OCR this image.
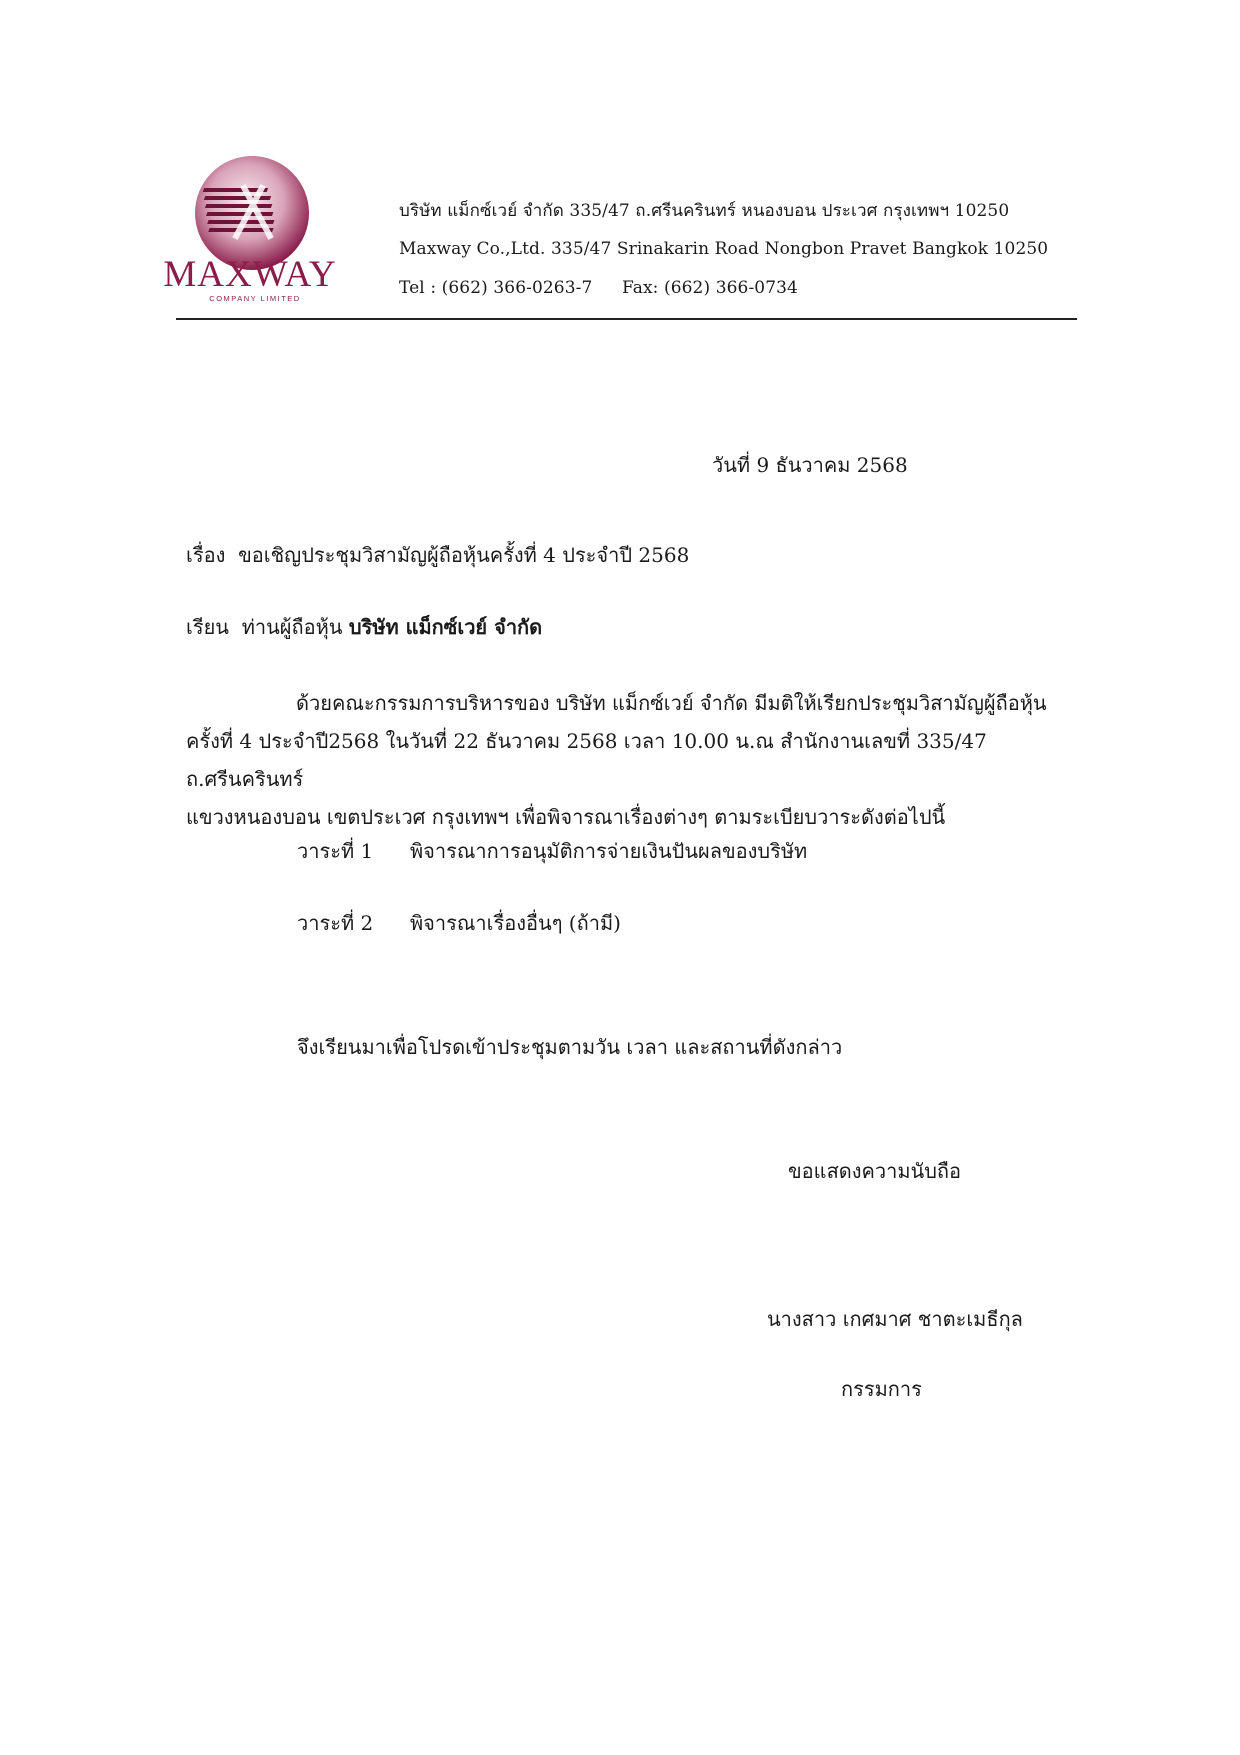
MAXWAY
COMPANY LIMITED
บริษัท แม็กซ์เวย์ จำกัด 335/47 ถ.ศรีนครินทร์ หนองบอน ประเวศ กรุงเทพฯ 10250
Maxway Co.,Ltd. 335/47 Srinakarin Road Nongbon Pravet Bangkok 10250
Tel : (662) 366-0263-7 Fax: (662) 366-0734
วันที่ 9 ธันวาคม 2568
เรื่อง ขอเชิญประชุมวิสามัญผู้ถือหุ้นครั้งที่ 4 ประจำปี 2568
เรียน ท่านผู้ถือหุ้น บริษัท แม็กซ์เวย์ จำกัด
ด้วยคณะกรรมการบริหารของ บริษัท แม็กซ์เวย์ จำกัด มีมติให้เรียกประชุมวิสามัญผู้ถือหุ้น
ครั้งที่ 4 ประจำปี2568 ในวันที่ 22 ธันวาคม 2568 เวลา 10.00 น.ณ สำนักงานเลขที่ 335/47 ถ.ศรีนครินทร์
แขวงหนองบอน เขตประเวศ กรุงเทพฯ เพื่อพิจารณาเรื่องต่างๆ ตามระเบียบวาระดังต่อไปนี้
วาระที่ 1 พิจารณาการอนุมัติการจ่ายเงินปันผลของบริษัท
วาระที่ 2 พิจารณาเรื่องอื่นๆ (ถ้ามี)
จึงเรียนมาเพื่อโปรดเข้าประชุมตามวัน เวลา และสถานที่ดังกล่าว
ขอแสดงความนับถือ
นางสาว เกศมาศ ชาตะเมธีกุล
กรรมการ
